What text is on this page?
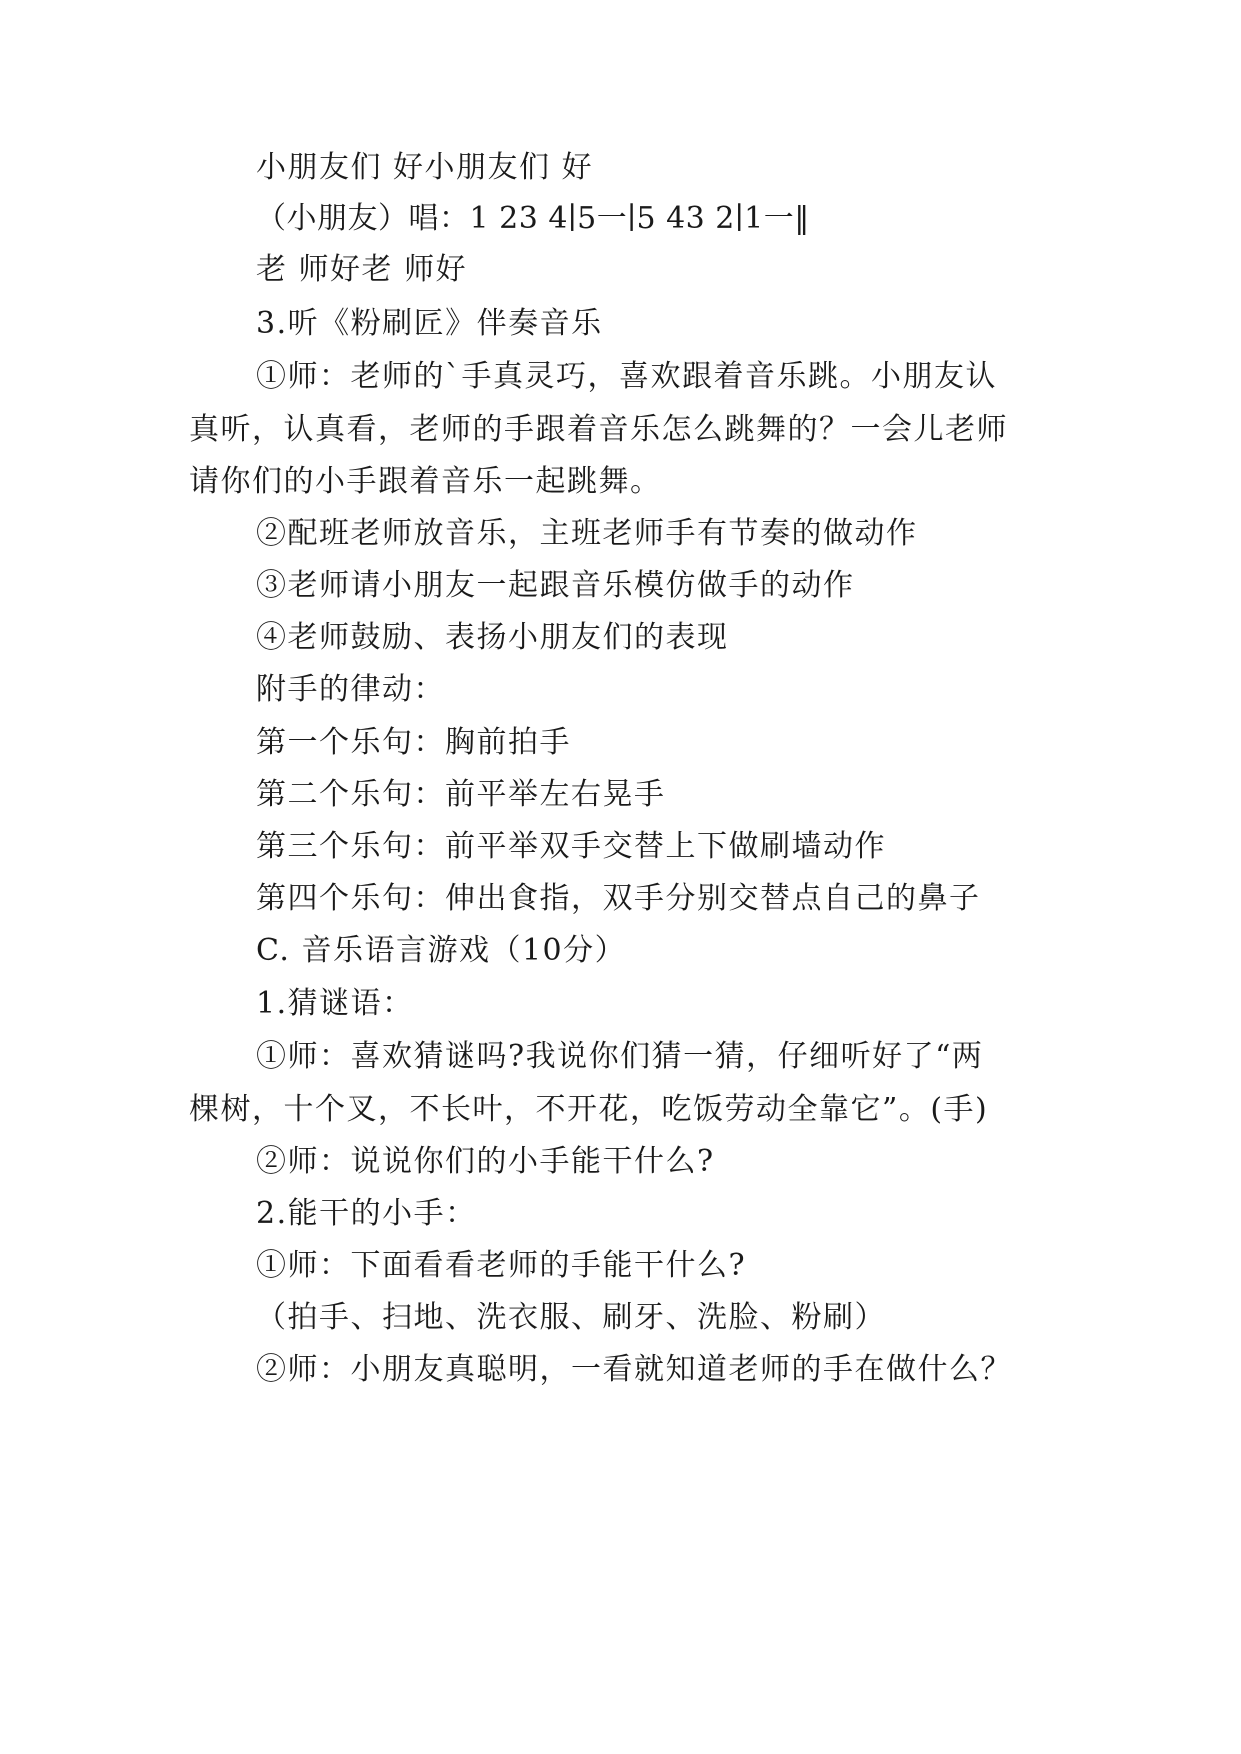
小朋友们 好小朋友们 好
（小朋友）唱：1 23 4∣5一∣5 43 2∣1一‖
老 师好老 师好
3.听《粉刷匠》伴奏音乐
①师：老师的`手真灵巧，喜欢跟着音乐跳。小朋友认
真听，认真看，老师的手跟着音乐怎么跳舞的？一会儿老师
请你们的小手跟着音乐一起跳舞。
②配班老师放音乐，主班老师手有节奏的做动作
③老师请小朋友一起跟音乐模仿做手的动作
④老师鼓励、表扬小朋友们的表现
附手的律动：
第一个乐句：胸前拍手
第二个乐句：前平举左右晃手
第三个乐句：前平举双手交替上下做刷墙动作
第四个乐句：伸出食指，双手分别交替点自己的鼻子
C. 音乐语言游戏（10分）
1.猜谜语：
①师：喜欢猜谜吗?我说你们猜一猜，仔细听好了“两
棵树，十个叉，不长叶，不开花，吃饭劳动全靠它”。(手)
②师：说说你们的小手能干什么?
2.能干的小手：
①师：下面看看老师的手能干什么?
（拍手、扫地、洗衣服、刷牙、洗脸、粉刷）
②师：小朋友真聪明，一看就知道老师的手在做什么？
